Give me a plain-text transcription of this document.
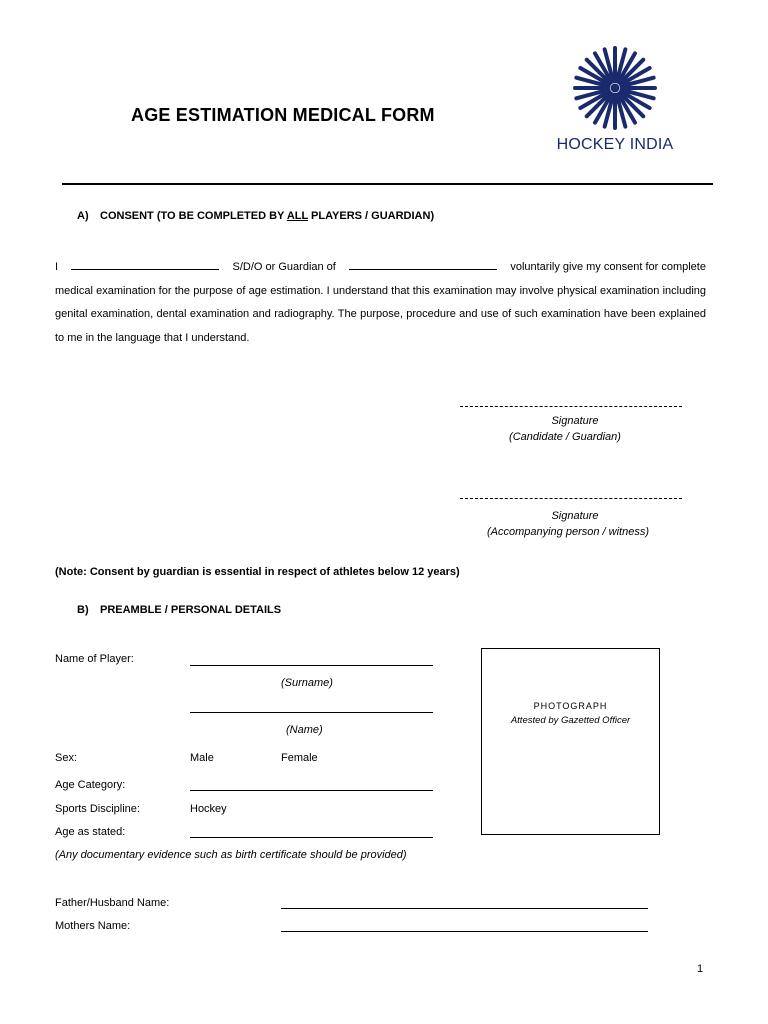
AGE ESTIMATION MEDICAL FORM
HOCKEY INDIA
A) CONSENT (TO BE COMPLETED BY ALL PLAYERS / GUARDIAN)
I	S/D/O or Guardian of	voluntarily give my consent for complete
medical examination for the purpose of age estimation. I understand that this examination may involve physical examination including genital examination, dental examination and radiography. The purpose, procedure and use of such examination have been explained to me in the language that I understand.
Signature
(Candidate / Guardian)
Signature
(Accompanying person / witness)
(Note: Consent by guardian is essential in respect of athletes below 12 years)
B) PREAMBLE / PERSONAL DETAILS
Name of Player:
(Surname)
(Name)
Sex:	Male	Female
Age Category:
Sports Discipline:	Hockey
Age as stated:
(Any documentary evidence such as birth certificate should be provided)
PHOTOGRAPH
Attested by Gazetted Officer
Father/Husband Name:
Mothers Name:
1
